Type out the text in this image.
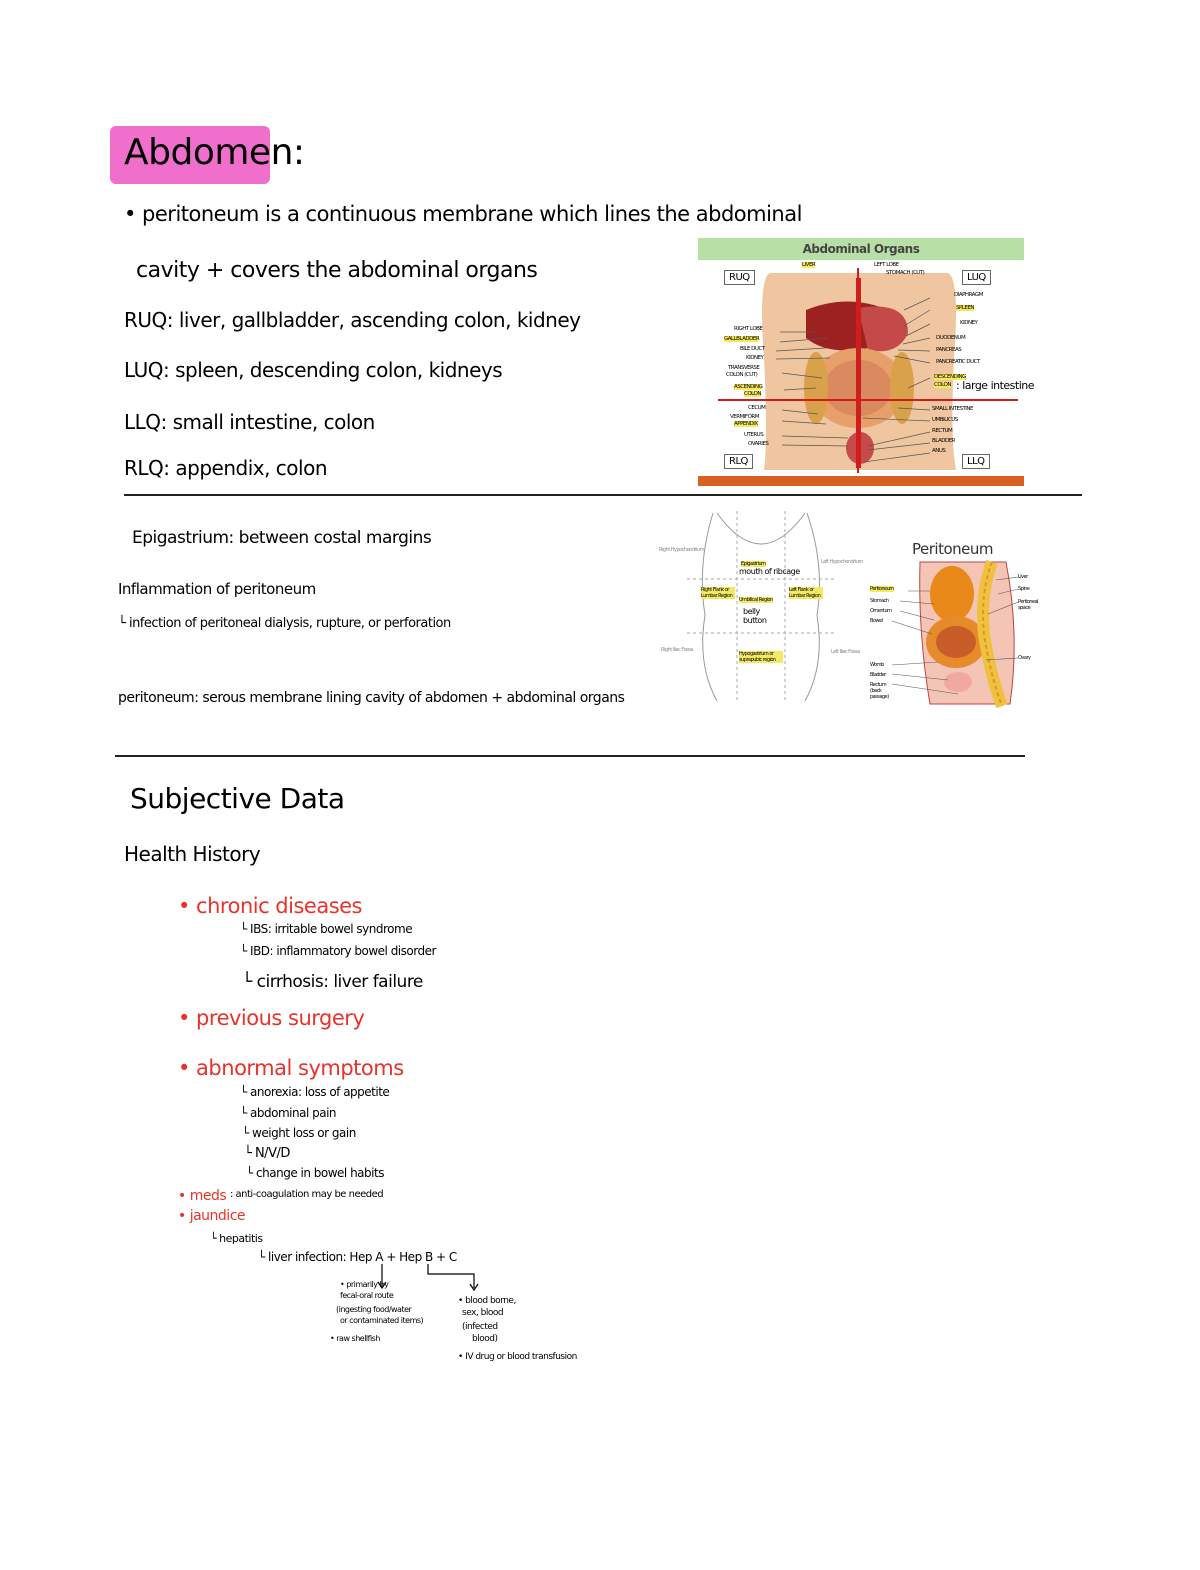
Abdomen:
• peritoneum is a continuous membrane which lines the abdominal
cavity + covers the abdominal organs
RUQ: liver, gallbladder, ascending colon, kidney
LUQ: spleen, descending colon, kidneys
LLQ: small intestine, colon
RLQ: appendix, colon
Abdominal Organs
RUQ	LUQ
RLQ	LLQ
LIVER
RIGHT LOBE
GALLBLADDER
BILE DUCT
KIDNEY
TRANSVERSE
COLON (CUT)
ASCENDING
COLON
CECUM
VERMIFORM
APPENDIX
UTERUS
OVARIES
LEFT LOBE
STOMACH (CUT)
DIAPHRAGM
SPLEEN
KIDNEY
DUODENUM
PANCREAS
PANCREATIC DUCT
DESCENDING
COLON
SMALL INTESTINE
UMBILICUS
RECTUM
BLADDER
ANUS
: large intestine
Epigastrium: between costal margins
Inflammation of peritoneum
└ infection of peritoneal dialysis, rupture, or perforation
peritoneum: serous membrane lining cavity of abdomen + abdominal organs
Right Hypochondrium
Epigastrium	Left Hypochondrium
Right Flank or Lumbar Region
Umbilical Region
Left Flank or Lumbar Region
Right Iliac Fossa
Hypogastrium or suprapubic region
Left Iliac Fossa
mouth of ribcage
belly button
Peritoneum
Peritoneum
Stomach
Omentum
Bowel
Womb
Bladder
Rectum (back passage)
Liver
Spine
Peritoneal space
Ovary
Subjective Data
Health History
• chronic diseases
└ IBS: irritable bowel syndrome
└ IBD: inflammatory bowel disorder
└ cirrhosis: liver failure
• previous surgery
• abnormal symptoms
└ anorexia: loss of appetite
└ abdominal pain
└ weight loss or gain
└ N/V/D
└ change in bowel habits
• meds : anti-coagulation may be needed
• jaundice
└ hepatitis
└ liver infection: Hep A + Hep B + C
• primarily by
fecal-oral route
(ingesting food/water
or contaminated items)
• raw shellfish
• blood borne,
sex, blood
(infected
blood)
• IV drug or blood transfusion
